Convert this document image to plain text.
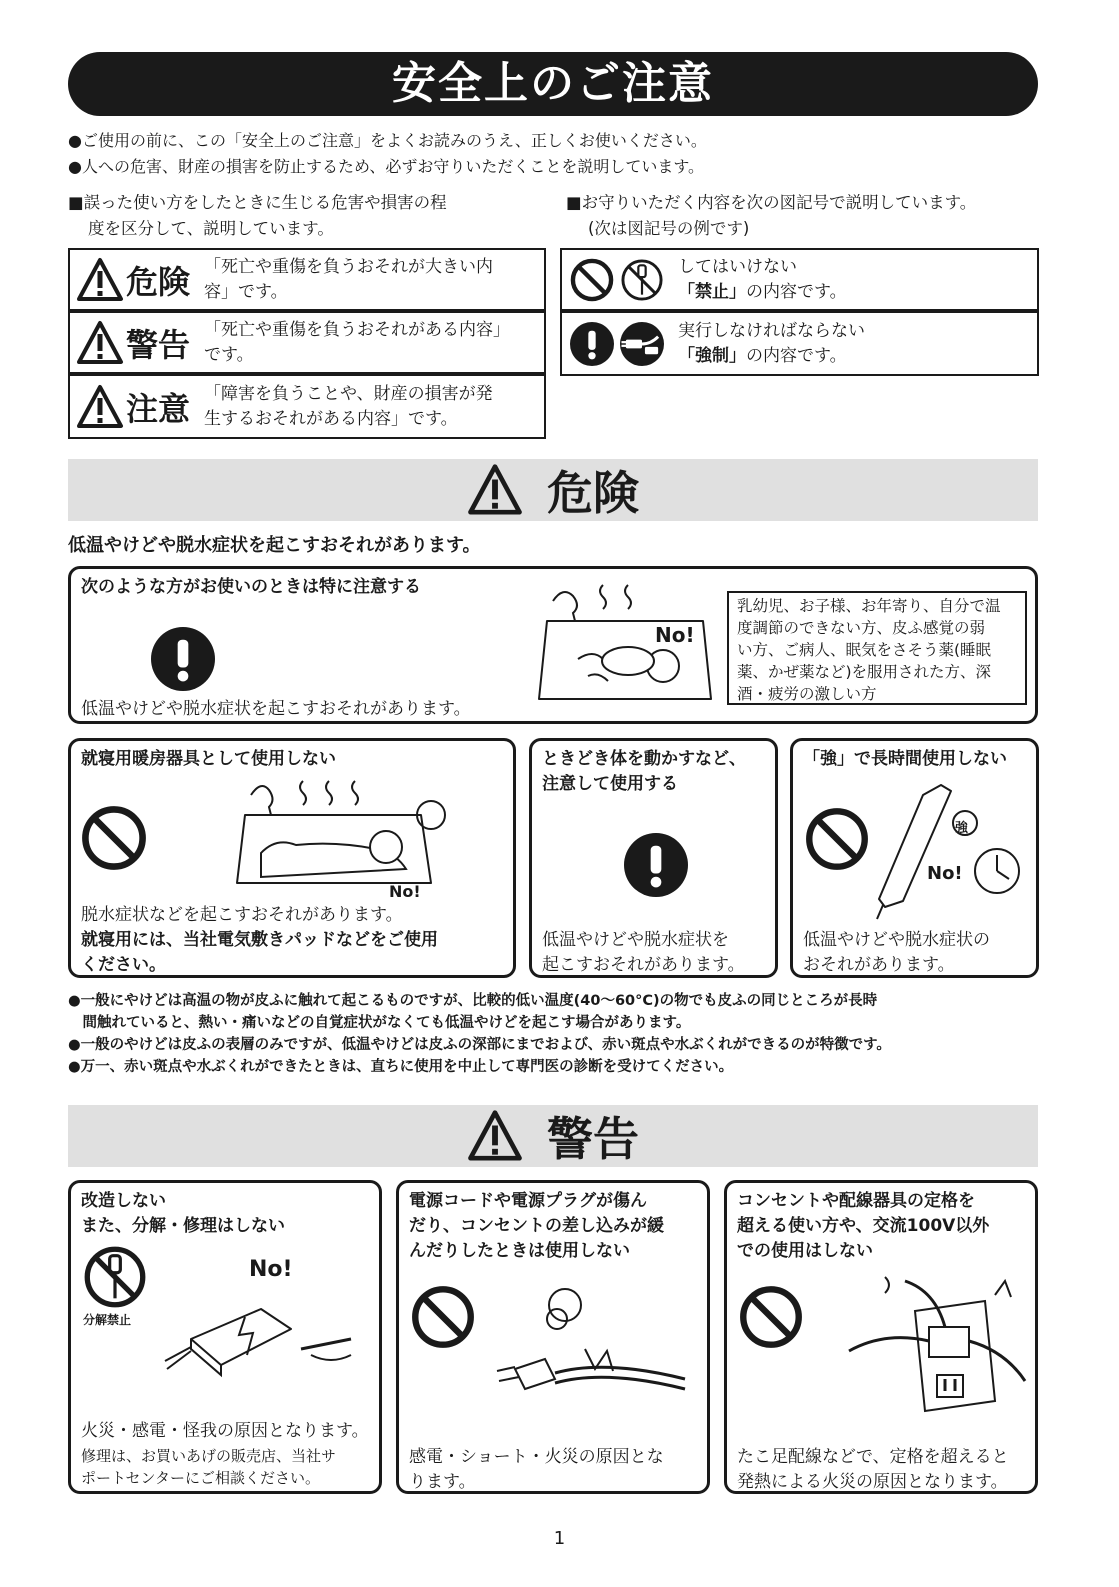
安全上のご注意
●ご使用の前に、この「安全上のご注意」をよくお読みのうえ、正しくお使いください。
●人への危害、財産の損害を防止するため、必ずお守りいただくことを説明しています。
■誤った使い方をしたときに生じる危害や損害の程
度を区分して、説明しています。
■お守りいただく内容を次の図記号で説明しています。
(次は図記号の例です)
危険 「死亡や重傷を負うおそれが大きい内
容」です。
警告 「死亡や重傷を負うおそれがある内容」
です。
注意 「障害を負うことや、財産の損害が発
生するおそれがある内容」です。
してはいけない
「禁止」の内容です。
実行しなければならない
「強制」の内容です。
危険
低温やけどや脱水症状を起こすおそれがあります。
次のような方がお使いのときは特に注意する
低温やけどや脱水症状を起こすおそれがあります。
No!
乳幼児、お子様、お年寄り、自分で温
度調節のできない方、皮ふ感覚の弱
い方、ご病人、眠気をさそう薬(睡眠
薬、かぜ薬など)を服用された方、深
酒・疲労の激しい方
就寝用暖房器具として使用しない
No!
脱水症状などを起こすおそれがあります。
就寝用には、当社電気敷きパッドなどをご使用
ください。
ときどき体を動かすなど、
注意して使用する
低温やけどや脱水症状を
起こすおそれがあります。
「強」で長時間使用しない
強
No!
低温やけどや脱水症状の
おそれがあります。
●一般にやけどは高温の物が皮ふに触れて起こるものですが、比較的低い温度(40〜60°C)の物でも皮ふの同じところが長時
　間触れていると、熱い・痛いなどの自覚症状がなくても低温やけどを起こす場合があります。
●一般のやけどは皮ふの表層のみですが、低温やけどは皮ふの深部にまでおよび、赤い斑点や水ぶくれができるのが特徴です。
●万一、赤い斑点や水ぶくれができたときは、直ちに使用を中止して専門医の診断を受けてください。
警告
改造しない
また、分解・修理はしない
分解禁止
No!
火災・感電・怪我の原因となります。
修理は、お買いあげの販売店、当社サ
ポートセンターにご相談ください。
電源コードや電源プラグが傷ん
だり、コンセントの差し込みが緩
んだりしたときは使用しない
感電・ショート・火災の原因とな
ります。
コンセントや配線器具の定格を
超える使い方や、交流100V以外
での使用はしない
たこ足配線などで、定格を超えると
発熱による火災の原因となります。
1
